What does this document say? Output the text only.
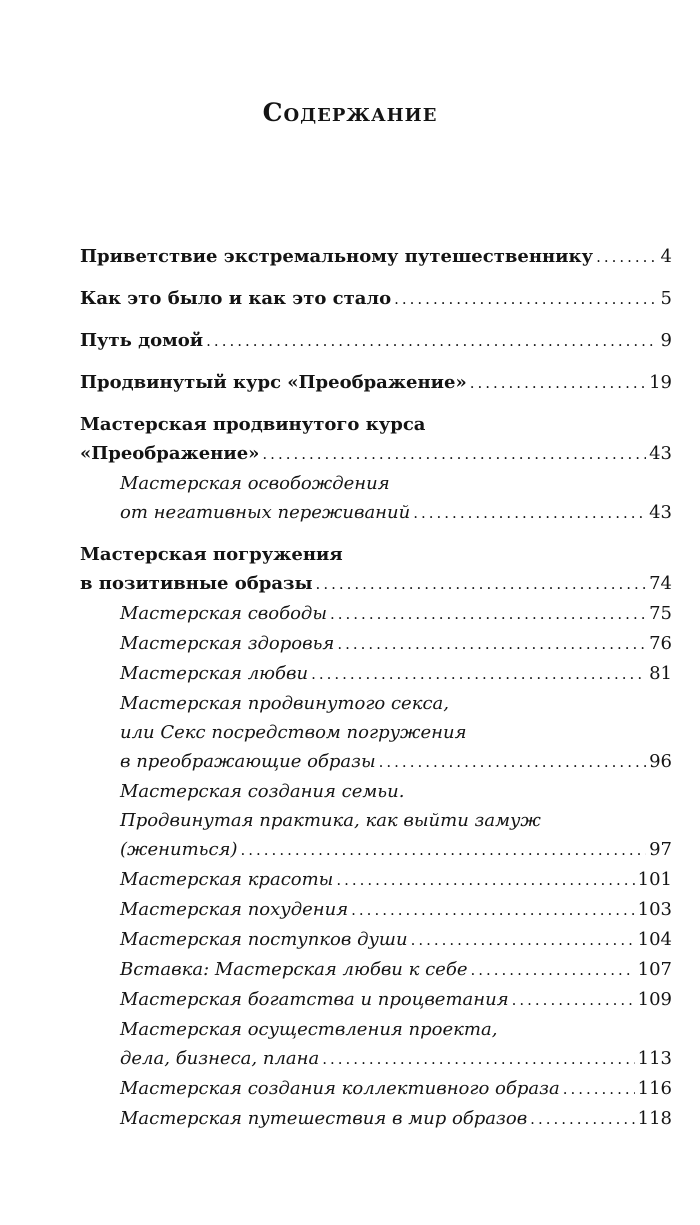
Содержание
Приветствие экстремальному путешественнику .....	4
Как это было и как это стало .....	5
Путь домой .....	9
Продвинутый курс «Преображение» .....	19
Мастерская продвинутого курса
«Преображение» .....	43
Мастерская освобождения
от негативных переживаний .....	43
Мастерская погружения
в позитивные образы .....	74
Мастерская свободы .....	75
Мастерская здоровья .....	76
Мастерская любви .....	81
Мастерская продвинутого секса,
или Секс посредством погружения
в преображающие образы .....	96
Мастерская создания семьи.
Продвинутая практика, как выйти замуж
(жениться) .....	97
Мастерская красоты .....	101
Мастерская похудения .....	103
Мастерская поступков души .....	104
Вставка: Мастерская любви к себе .....	107
Мастерская богатства и процветания .....	109
Мастерская осуществления проекта,
дела, бизнеса, плана .....	113
Мастерская создания коллективного образа .....	116
Мастерская путешествия в мир образов .....	118
